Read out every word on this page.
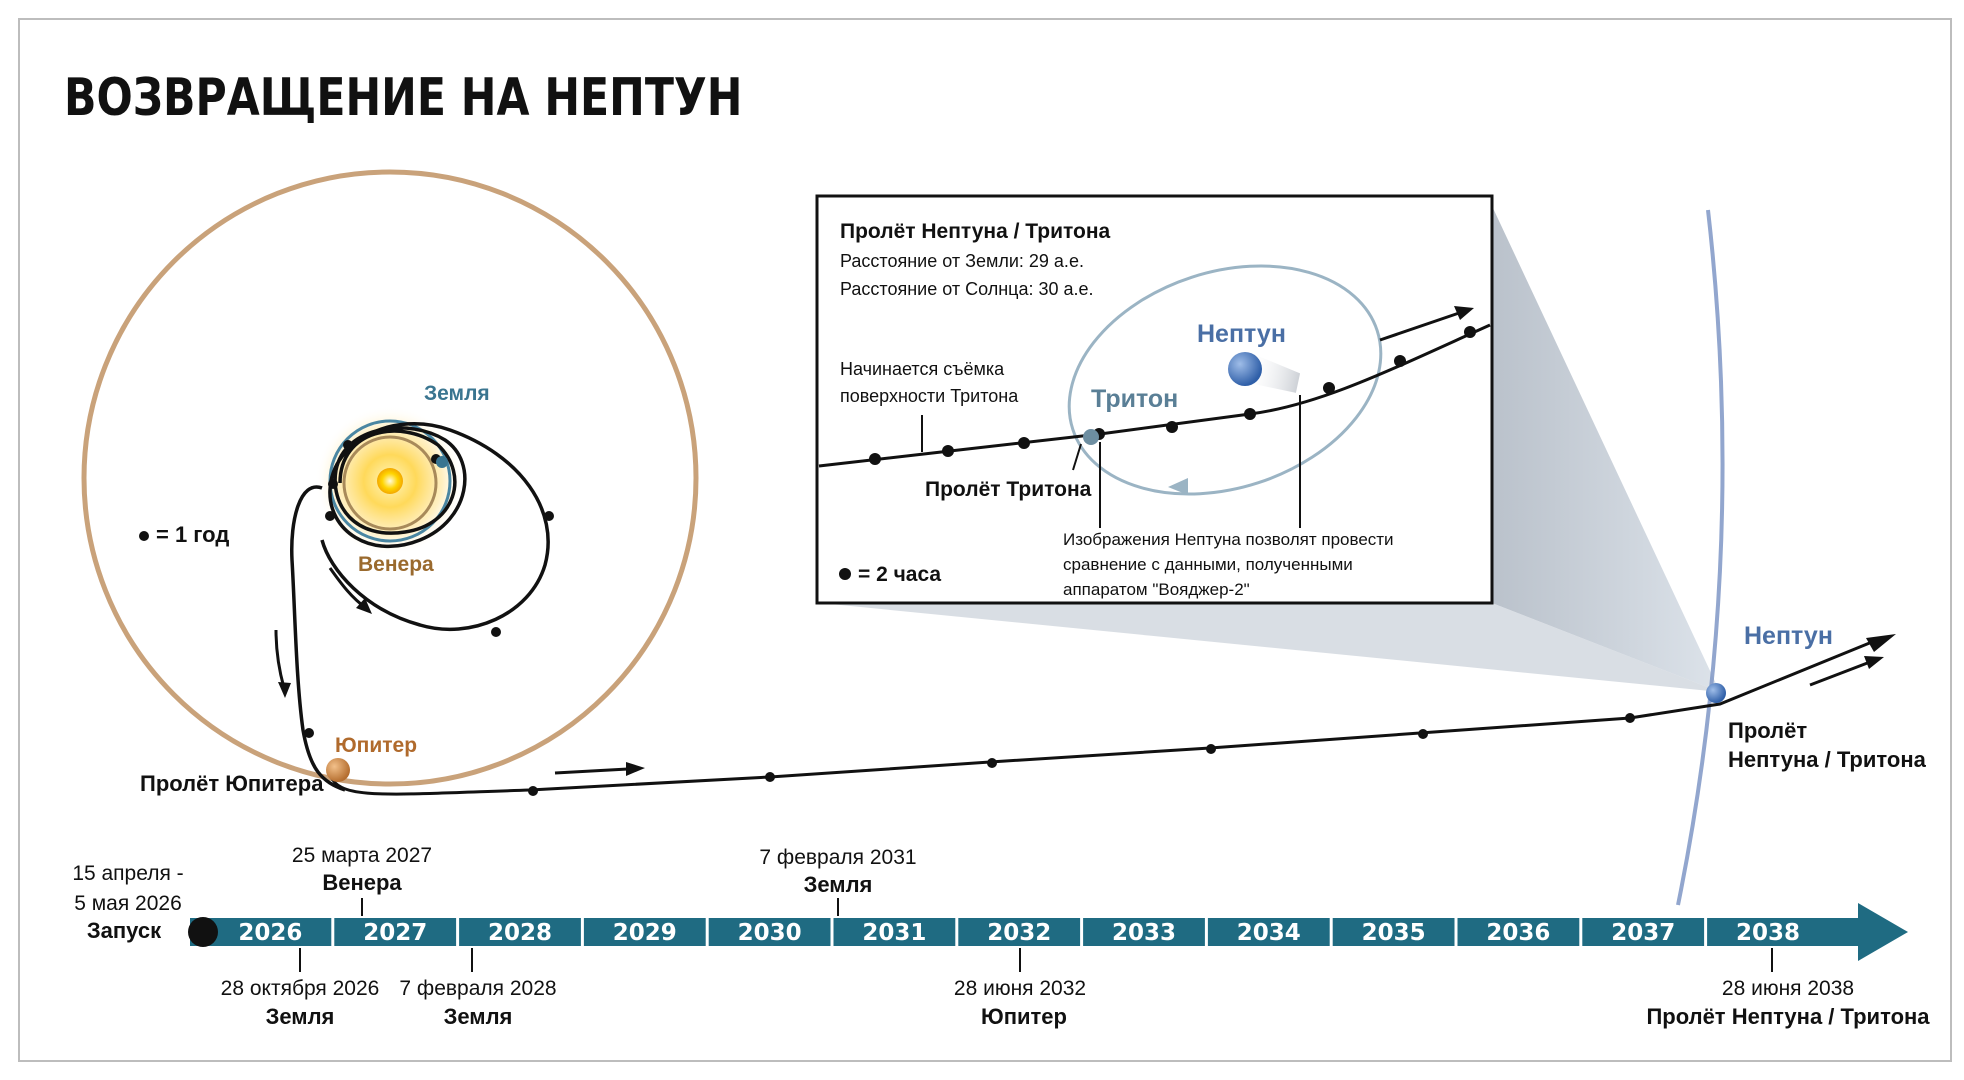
ВОЗВРАЩЕНИЕ НА НЕПТУН
Земля
Венера
Юпитер
Пролёт Юпитера
= 1 год
Нептун
Пролёт
Нептуна / Тритона
Пролёт Нептуна / Тритона
Расстояние от Земли: 29 а.е.
Расстояние от Солнца: 30 а.е.
Нептун
Тритон
Начинается съёмка
поверхности Тритона
Пролёт Тритона
Изображения Нептуна позволят провести
сравнение с данными, полученными
аппаратом "Вояджер-2"
= 2 часа
2026	2027	2028	2029	2030	2031	2032	2033	2034	2035	2036	2037	2038
15 апреля -
5 мая 2026
Запуск
25 марта 2027
Венера
7 февраля 2031
Земля
28 октября 2026
Земля
7 февраля 2028
Земля
28 июня 2032
Юпитер
28 июня 2038
Пролёт Нептуна / Тритона
